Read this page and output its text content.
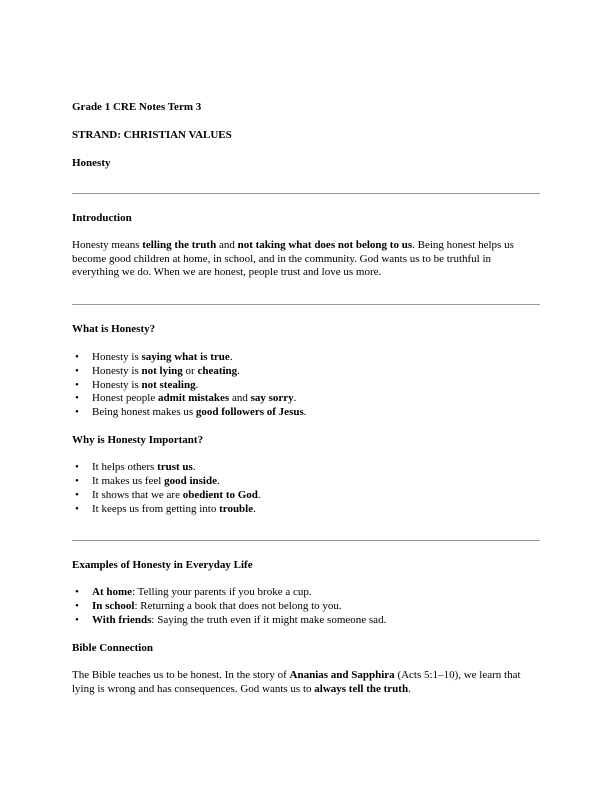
Grade 1 CRE Notes Term 3
STRAND: CHRISTIAN VALUES
Honesty
Introduction
Honesty means telling the truth and not taking what does not belong to us. Being honest helps us become good children at home, in school, and in the community. God wants us to be truthful in everything we do. When we are honest, people trust and love us more.
What is Honesty?
• Honesty is saying what is true.
• Honesty is not lying or cheating.
• Honesty is not stealing.
• Honest people admit mistakes and say sorry.
• Being honest makes us good followers of Jesus.
Why is Honesty Important?
• It helps others trust us.
• It makes us feel good inside.
• It shows that we are obedient to God.
• It keeps us from getting into trouble.
Examples of Honesty in Everyday Life
• At home: Telling your parents if you broke a cup.
• In school: Returning a book that does not belong to you.
• With friends: Saying the truth even if it might make someone sad.
Bible Connection
The Bible teaches us to be honest. In the story of Ananias and Sapphira (Acts 5:1–10), we learn that lying is wrong and has consequences. God wants us to always tell the truth.
